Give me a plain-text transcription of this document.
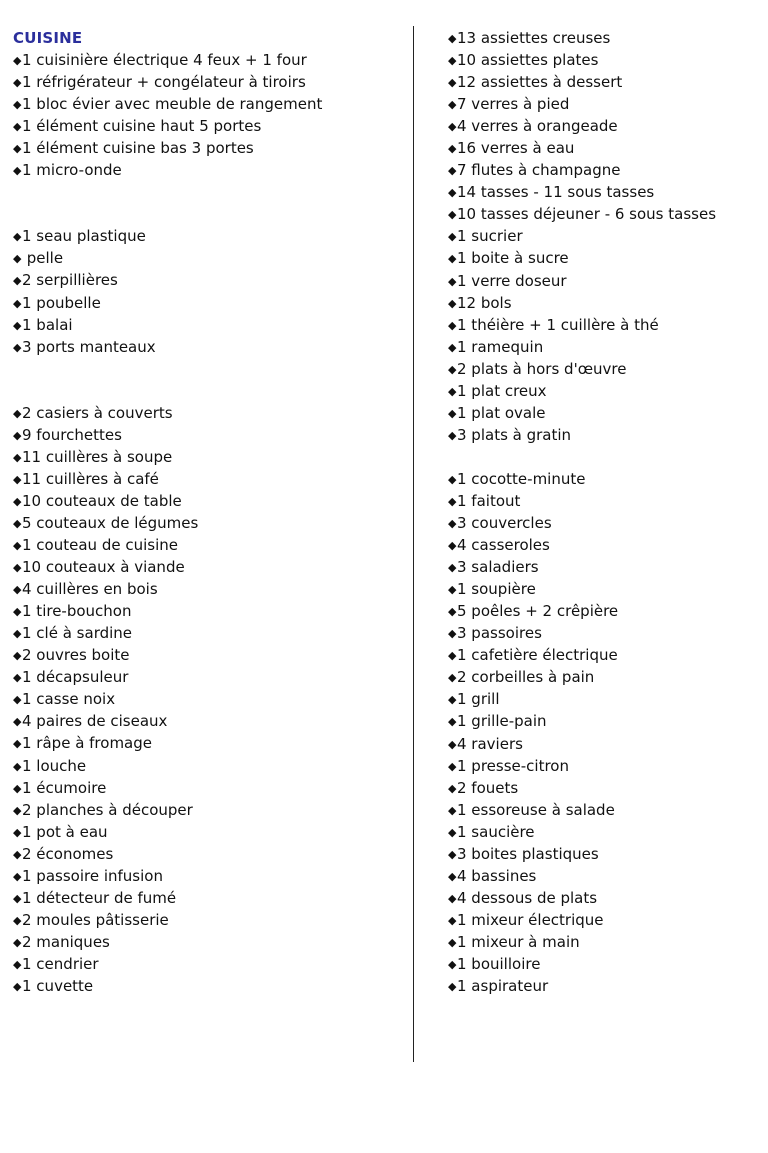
CUISINE
◆1 cuisinière électrique 4 feux + 1 four
◆1 réfrigérateur + congélateur à tiroirs
◆1 bloc évier avec meuble de rangement
◆1 élément cuisine haut 5 portes
◆1 élément cuisine bas 3 portes
◆1 micro-onde
◆1 seau plastique
◆ pelle
◆2 serpillières
◆1 poubelle
◆1 balai
◆3 ports manteaux
◆2 casiers à couverts
◆9 fourchettes
◆11 cuillères à soupe
◆11 cuillères à café
◆10 couteaux de table
◆5 couteaux de légumes
◆1 couteau de cuisine
◆10 couteaux à viande
◆4 cuillères en bois
◆1 tire-bouchon
◆1 clé à sardine
◆2 ouvres boite
◆1 décapsuleur
◆1 casse noix
◆4 paires de ciseaux
◆1 râpe à fromage
◆1 louche
◆1 écumoire
◆2 planches à découper
◆1 pot à eau
◆2 économes
◆1 passoire infusion
◆1 détecteur de fumé
◆2 moules pâtisserie
◆2 maniques
◆1 cendrier
◆1 cuvette
◆13 assiettes creuses
◆10 assiettes plates
◆12 assiettes à dessert
◆7 verres à pied
◆4 verres à orangeade
◆16 verres à eau
◆7 flutes à champagne
◆14 tasses - 11 sous tasses
◆10 tasses déjeuner - 6 sous tasses
◆1 sucrier
◆1 boite à sucre
◆1 verre doseur
◆12 bols
◆1 théière + 1 cuillère à thé
◆1 ramequin
◆2 plats à hors d'œuvre
◆1 plat creux
◆1 plat ovale
◆3 plats à gratin
◆1 cocotte-minute
◆1 faitout
◆3 couvercles
◆4 casseroles
◆3 saladiers
◆1 soupière
◆5 poêles + 2 crêpière
◆3 passoires
◆1 cafetière électrique
◆2 corbeilles à pain
◆1 grill
◆1 grille-pain
◆4 raviers
◆1 presse-citron
◆2 fouets
◆1 essoreuse à salade
◆1 saucière
◆3 boites plastiques
◆4 bassines
◆4 dessous de plats
◆1 mixeur électrique
◆1 mixeur à main
◆1 bouilloire
◆1 aspirateur
